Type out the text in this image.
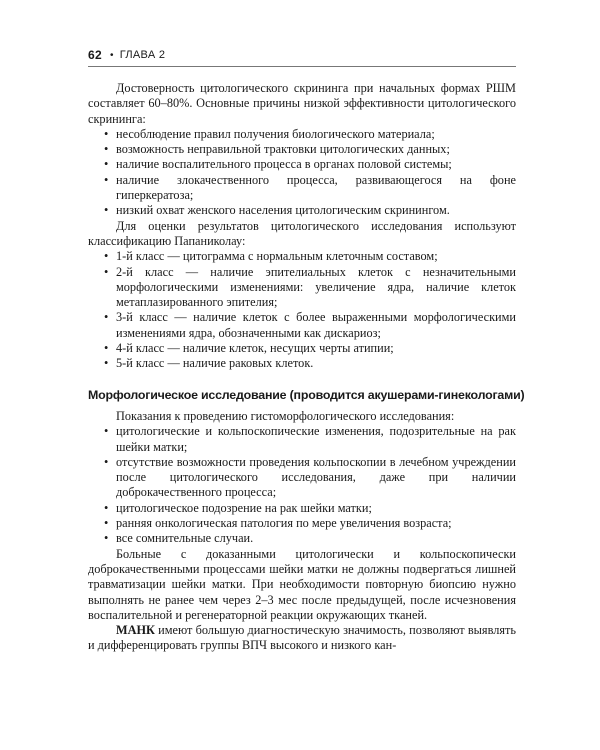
62 • ГЛАВА 2

Достоверность цитологического скрининга при начальных формах РШМ составляет 60–80%. Основные причины низкой эффективности цитологического скрининга:

• несоблюдение правил получения биологического материала;
• возможность неправильной трактовки цитологических данных;
• наличие воспалительного процесса в органах половой системы;
• наличие злокачественного процесса, развивающегося на фоне гиперкератоза;
• низкий охват женского населения цитологическим скринингом.

Для оценки результатов цитологического исследования используют классификацию Папаниколау:

• 1-й класс — цитограмма с нормальным клеточным составом;
• 2-й класс — наличие эпителиальных клеток с незначительными морфологическими изменениями: увеличение ядра, наличие клеток метаплазированного эпителия;
• 3-й класс — наличие клеток с более выраженными морфологическими изменениями ядра, обозначенными как дискариоз;
• 4-й класс — наличие клеток, несущих черты атипии;
• 5-й класс — наличие раковых клеток.
Морфологическое исследование (проводится акушерами-гинекологами)

Показания к проведению гистоморфологического исследования:

• цитологические и кольпоскопические изменения, подозрительные на рак шейки матки;
• отсутствие возможности проведения кольпоскопии в лечебном учреждении после цитологического исследования, даже при наличии доброкачественного процесса;
• цитологическое подозрение на рак шейки матки;
• ранняя онкологическая патология по мере увеличения возраста;
• все сомнительные случаи.

Больные с доказанными цитологически и кольпоскопически доброкачественными процессами шейки матки не должны подвергаться лишней травматизации шейки матки. При необходимости повторную биопсию нужно выполнять не ранее чем через 2–3 мес после предыдущей, после исчезновения воспалительной и регенераторной реакции окружающих тканей.

МАНК имеют большую диагностическую значимость, позволяют выявлять и дифференцировать группы ВПЧ высокого и низкого кан-
